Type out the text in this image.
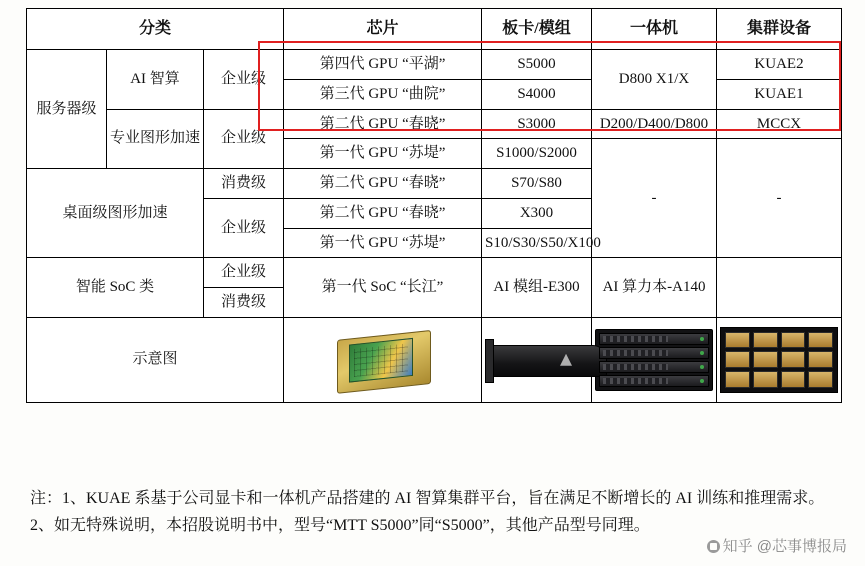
分类			芯片	板卡/模组	一体机	集群设备
服务器级	AI 智算	企业级	第四代 GPU “平湖”	S5000	D800 X1/X	KUAE2
			第三代 GPU “曲院”	S4000		KUAE1
	专业图形加速	企业级	第二代 GPU “春晓”	S3000	D200/D400/D800	MCCX
			第一代 GPU “苏堤”	S1000/S2000	-	-
桌面级图形加速		消费级	第二代 GPU “春晓”	S70/S80		
		企业级	第二代 GPU “春晓”	X300		
			第一代 GPU “苏堤”	S10/S30/S50/X100		
智能 SoC 类		企业级	第一代 SoC “长江”	AI 模组-E300	AI 算力本-A140	
		消费级				
示意图			

注：1、KUAE 系基于公司显卡和一体机产品搭建的 AI 智算集群平台，旨在满足不断增长的 AI 训练和推理需求。

2、如无特殊说明，本招股说明书中，型号“MTT S5000”同“S5000”，其他产品型号同理。

知乎 @芯事博报局
